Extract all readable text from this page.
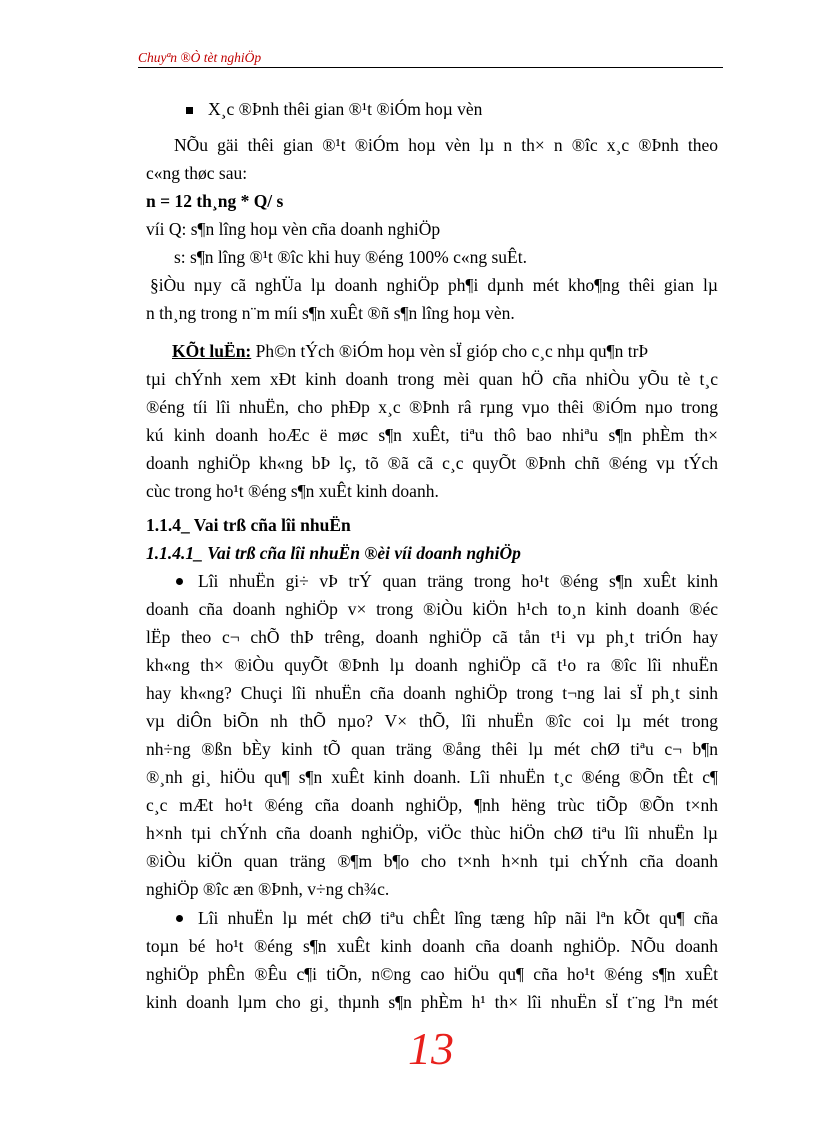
Chuyªn ®Ò tèt nghiÖp
X¸c ®Þnh thêi gian ®¹t ®iÓm hoµ vèn
NÕu gäi thêi gian ®¹t ®iÓm hoµ vèn lµ n th× n ®îc x¸c ®Þnh theo
c«ng thøc sau:
n = 12 th¸ng * Q/ s
víi Q: s¶n lîng hoµ vèn cña doanh nghiÖp
s: s¶n lîng ®¹t ®îc khi huy ®éng 100% c«ng suÊt.
§iÒu nµy cã nghÜa lµ doanh nghiÖp ph¶i dµnh mét kho¶ng thêi gian lµ
n th¸ng trong n¨m míi s¶n xuÊt ®ñ s¶n lîng hoµ vèn.
KÕt luËn: Ph©n tÝch ®iÓm hoµ vèn sÏ gióp cho c¸c nhµ qu¶n trÞ
tµi chÝnh xem xÐt kinh doanh trong mèi quan hÖ cña nhiÒu yÕu tè t¸c
®éng tíi lîi nhuËn, cho phÐp x¸c ®Þnh râ rµng vµo thêi ®iÓm nµo trong
kú kinh doanh hoÆc ë møc s¶n xuÊt, tiªu thô bao nhiªu s¶n phÈm th×
doanh nghiÖp kh«ng bÞ lç, tõ ®ã cã c¸c quyÕt ®Þnh chñ ®éng vµ tÝch
cùc trong ho¹t ®éng s¶n xuÊt kinh doanh.
1.1.4_ Vai trß cña lîi nhuËn
1.1.4.1_ Vai trß cña lîi nhuËn ®èi víi doanh nghiÖp
Lîi nhuËn gi÷ vÞ trÝ quan träng trong ho¹t ®éng s¶n xuÊt kinh
doanh cña doanh nghiÖp v× trong ®iÒu kiÖn h¹ch to¸n kinh doanh ®éc
lËp theo c¬ chÕ thÞ trêng, doanh nghiÖp cã tån t¹i vµ ph¸t triÓn hay
kh«ng th× ®iÒu quyÕt ®Þnh lµ doanh nghiÖp cã t¹o ra ®îc lîi nhuËn
hay kh«ng? Chuçi lîi nhuËn cña doanh nghiÖp trong t¬ng lai sÏ ph¸t sinh
vµ diÔn biÕn nh thÕ nµo? V× thÕ, lîi nhuËn ®îc coi lµ mét trong
nh÷ng ®ßn bÈy kinh tÕ quan träng ®ång thêi lµ mét chØ tiªu c¬ b¶n
®¸nh gi¸ hiÖu qu¶ s¶n xuÊt kinh doanh. Lîi nhuËn t¸c ®éng ®Õn tÊt c¶
c¸c mÆt ho¹t ®éng cña doanh nghiÖp, ¶nh hëng trùc tiÕp ®Õn t×nh
h×nh tµi chÝnh cña doanh nghiÖp, viÖc thùc hiÖn chØ tiªu lîi nhuËn lµ
®iÒu kiÖn quan träng ®¶m b¶o cho t×nh h×nh tµi chÝnh cña doanh
nghiÖp ®îc æn ®Þnh, v÷ng ch¾c.
Lîi nhuËn lµ mét chØ tiªu chÊt lîng tæng hîp nãi lªn kÕt qu¶ cña
toµn bé ho¹t ®éng s¶n xuÊt kinh doanh cña doanh nghiÖp. NÕu doanh
nghiÖp phÊn ®Êu c¶i tiÕn, n©ng cao hiÖu qu¶ cña ho¹t ®éng s¶n xuÊt
kinh doanh lµm cho gi¸ thµnh s¶n phÈm h¹ th× lîi nhuËn sÏ t¨ng lªn mét
13
